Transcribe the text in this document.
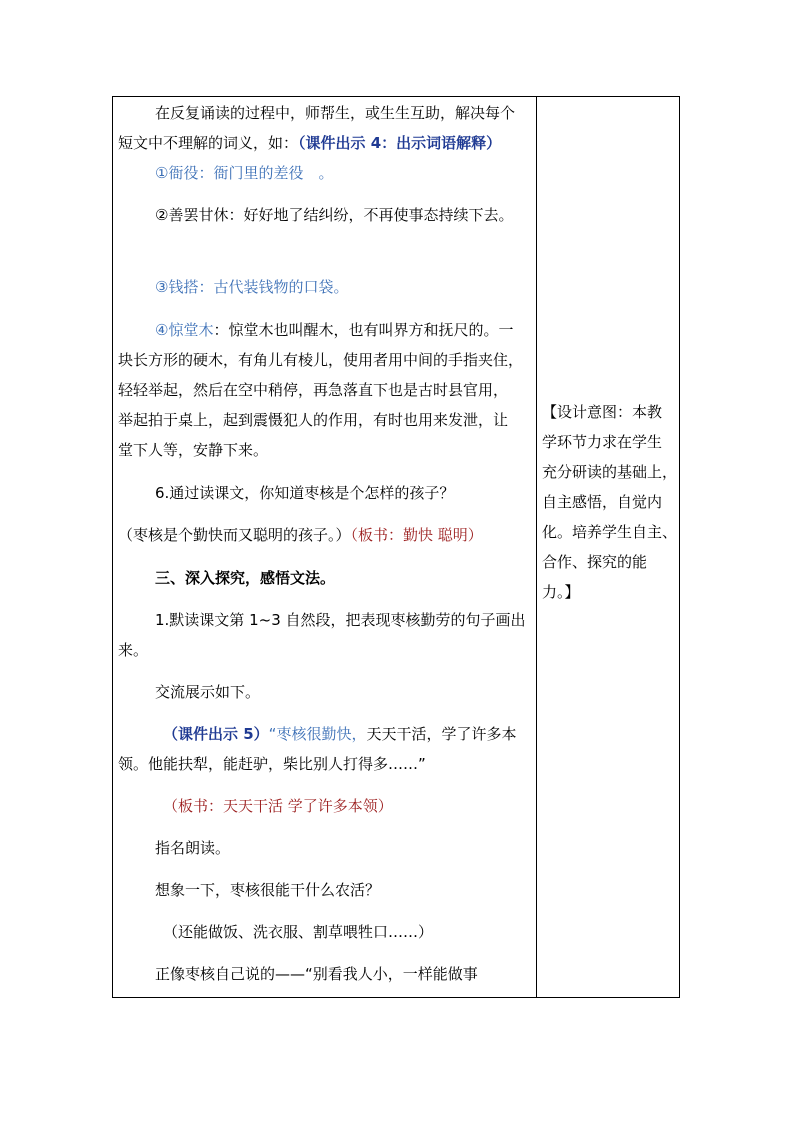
在反复诵读的过程中，师帮生，或生生互助，解决每个
短文中不理解的词义，如：（课件出示 4：出示词语解释）
①衙役：衙门里的差役　。
②善罢甘休：好好地了结纠纷，不再使事态持续下去。
③钱搭：古代装钱物的口袋。
④惊堂木：惊堂木也叫醒木，也有叫界方和抚尺的。一
块长方形的硬木，有角儿有棱儿，使用者用中间的手指夹住，
轻轻举起，然后在空中稍停，再急落直下也是古时县官用，
举起拍于桌上，起到震慑犯人的作用，有时也用来发泄，让
堂下人等，安静下来。
6.通过读课文，你知道枣核是个怎样的孩子？
（枣核是个勤快而又聪明的孩子。）（板书：勤快 聪明）
三、深入探究，感悟文法。
1.默读课文第 1~3 自然段，把表现枣核勤劳的句子画出
来。
交流展示如下。
（课件出示 5）“枣核很勤快，天天干活，学了许多本
领。他能扶犁，能赶驴，柴比别人打得多……”
（板书：天天干活 学了许多本领）
指名朗读。
想象一下，枣核很能干什么农活？
（还能做饭、洗衣服、割草喂牲口……）
正像枣核自己说的——“别看我人小，一样能做事
【设计意图：本教
学环节力求在学生
充分研读的基础上，
自主感悟，自觉内
化。培养学生自主、
合作、探究的能
力。】
